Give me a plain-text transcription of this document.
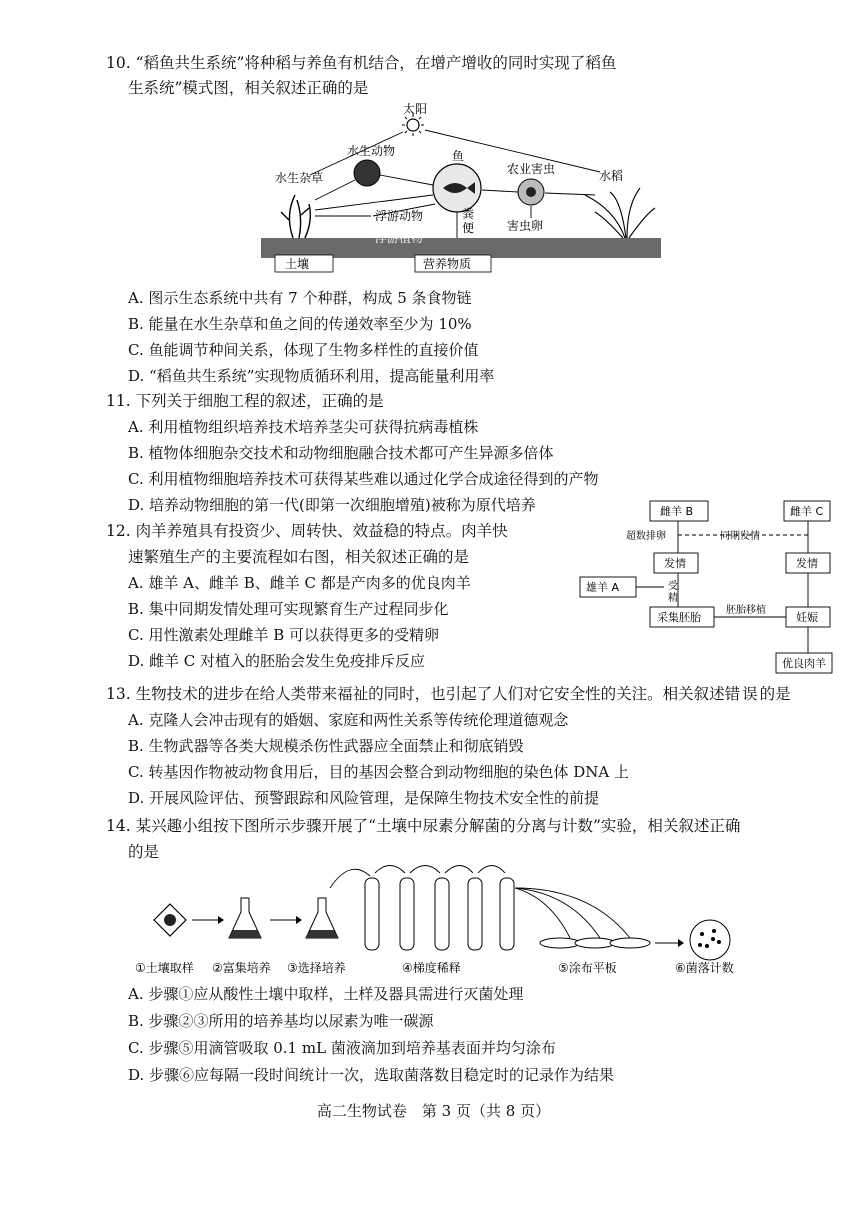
10. “稻鱼共生系统”将种稻与养鱼有机结合，在增产增收的同时实现了稻鱼
生系统”模式图，相关叙述正确的是
土壤	营养物质
太阳
水生动物	鱼
农业害虫	水稻
水生杂草
浮游动物
浮游植物
粪
便	害虫卵
A. 图示生态系统中共有 7 个种群，构成 5 条食物链
B. 能量在水生杂草和鱼之间的传递效率至少为 10%
C. 鱼能调节种间关系，体现了生物多样性的直接价值
D. “稻鱼共生系统”实现物质循环利用，提高能量利用率
11. 下列关于细胞工程的叙述，正确的是
A. 利用植物组织培养技术培养茎尖可获得抗病毒植株
B. 植物体细胞杂交技术和动物细胞融合技术都可产生异源多倍体
C. 利用植物细胞培养技术可获得某些难以通过化学合成途径得到的产物
D. 培养动物细胞的第一代(即第一次细胞增殖)被称为原代培养
12. 肉羊养殖具有投资少、周转快、效益稳的特点。肉羊快
速繁殖生产的主要流程如右图，相关叙述正确的是
A. 雄羊 A、雌羊 B、雌羊 C 都是产肉多的优良肉羊
B. 集中同期发情处理可实现繁育生产过程同步化
C. 用性激素处理雌羊 B 可以获得更多的受精卵
D. 雌羊 C 对植入的胚胎会发生免疫排斥反应
雌羊 B	雌羊 C
发情	发情
雄羊 A
采集胚胎	妊娠
优良肉羊
超数排卵	同期发情
受
精
胚胎移植
13. 生物技术的进步在给人类带来福祉的同时，也引起了人们对它安全性的关注。相关叙述错误的是
A. 克隆人会冲击现有的婚姻、家庭和两性关系等传统伦理道德观念
B. 生物武器等各类大规模杀伤性武器应全面禁止和彻底销毁
C. 转基因作物被动物食用后，目的基因会整合到动物细胞的染色体 DNA 上
D. 开展风险评估、预警跟踪和风险管理，是保障生物技术安全性的前提
14. 某兴趣小组按下图所示步骤开展了“土壤中尿素分解菌的分离与计数”实验，相关叙述正确
的是
①土壤取样 ②富集培养 ③选择培养	④梯度稀释	⑤涂布平板	⑥菌落计数
A. 步骤①应从酸性土壤中取样，土样及器具需进行灭菌处理
B. 步骤②③所用的培养基均以尿素为唯一碳源
C. 步骤⑤用滴管吸取 0.1 mL 菌液滴加到培养基表面并均匀涂布
D. 步骤⑥应每隔一段时间统计一次，选取菌落数目稳定时的记录作为结果
高二生物试卷　第 3 页（共 8 页）
